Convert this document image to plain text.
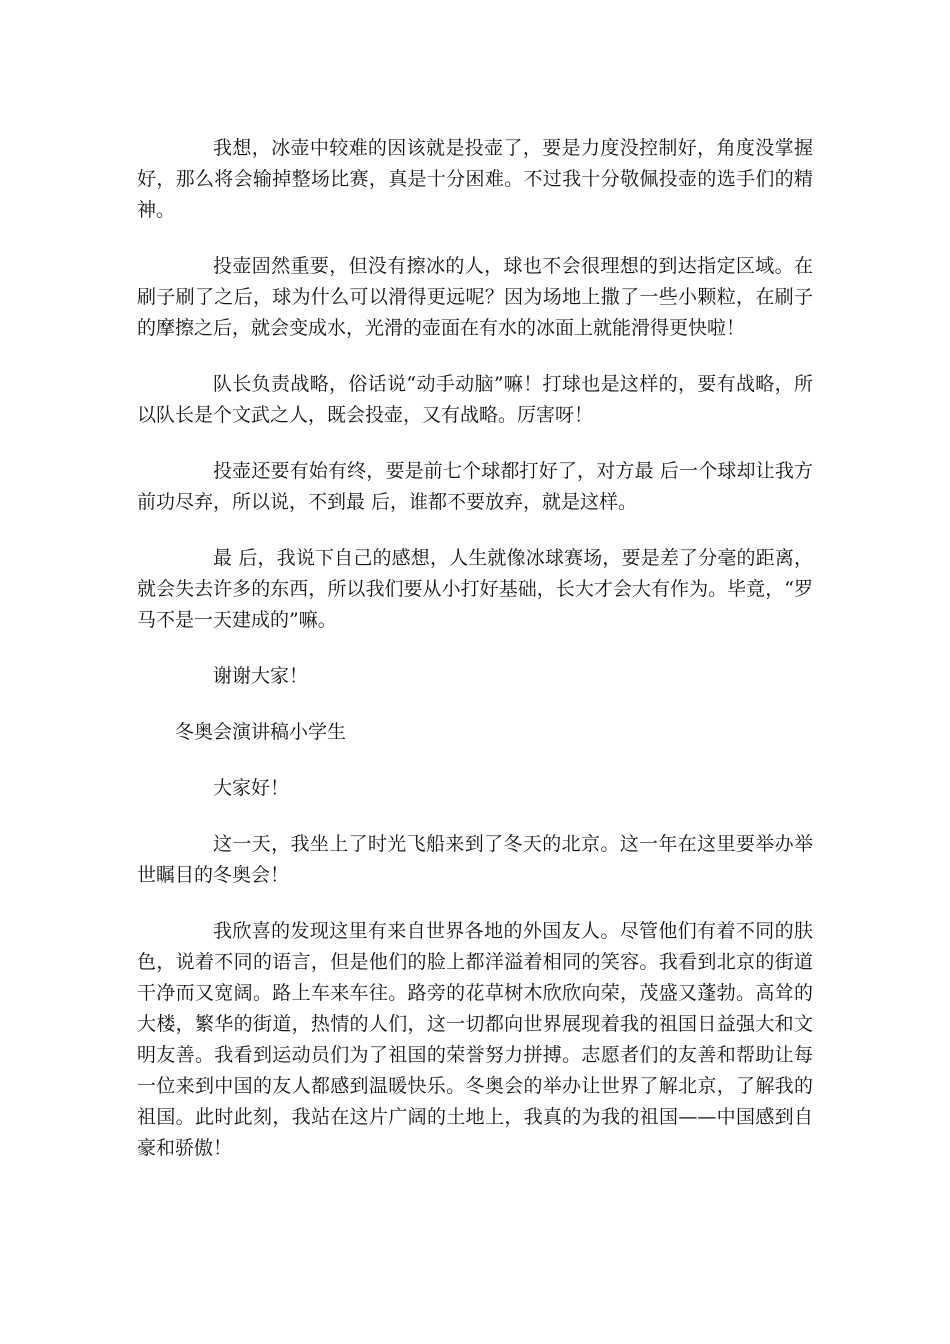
我想，冰壶中较难的因该就是投壶了，要是力度没控制好，角度没掌握好，那么将会输掉整场比赛，真是十分困难。不过我十分敬佩投壶的选手们的精神。

投壶固然重要，但没有擦冰的人，球也不会很理想的到达指定区域。在刷子刷了之后，球为什么可以滑得更远呢？因为场地上撒了一些小颗粒，在刷子的摩擦之后，就会变成水，光滑的壶面在有水的冰面上就能滑得更快啦！

队长负责战略，俗话说“动手动脑”嘛！打球也是这样的，要有战略，所以队长是个文武之人，既会投壶，又有战略。厉害呀！

投壶还要有始有终，要是前七个球都打好了，对方最 后一个球却让我方前功尽弃，所以说，不到最 后，谁都不要放弃，就是这样。

最 后，我说下自己的感想，人生就像冰球赛场，要是差了分毫的距离，就会失去许多的东西，所以我们要从小打好基础，长大才会大有作为。毕竟，“罗马不是一天建成的”嘛。

谢谢大家！

冬奥会演讲稿小学生

大家好！

这一天，我坐上了时光飞船来到了冬天的北京。这一年在这里要举办举世瞩目的冬奥会！

我欣喜的发现这里有来自世界各地的外国友人。尽管他们有着不同的肤色，说着不同的语言，但是他们的脸上都洋溢着相同的笑容。我看到北京的街道干净而又宽阔。路上车来车往。路旁的花草树木欣欣向荣，茂盛又蓬勃。高耸的大楼，繁华的街道，热情的人们，这一切都向世界展现着我的祖国日益强大和文明友善。我看到运动员们为了祖国的荣誉努力拼搏。志愿者们的友善和帮助让每一位来到中国的友人都感到温暖快乐。冬奥会的举办让世界了解北京，了解我的祖国。此时此刻，我站在这片广阔的土地上，我真的为我的祖国——中国感到自豪和骄傲！
